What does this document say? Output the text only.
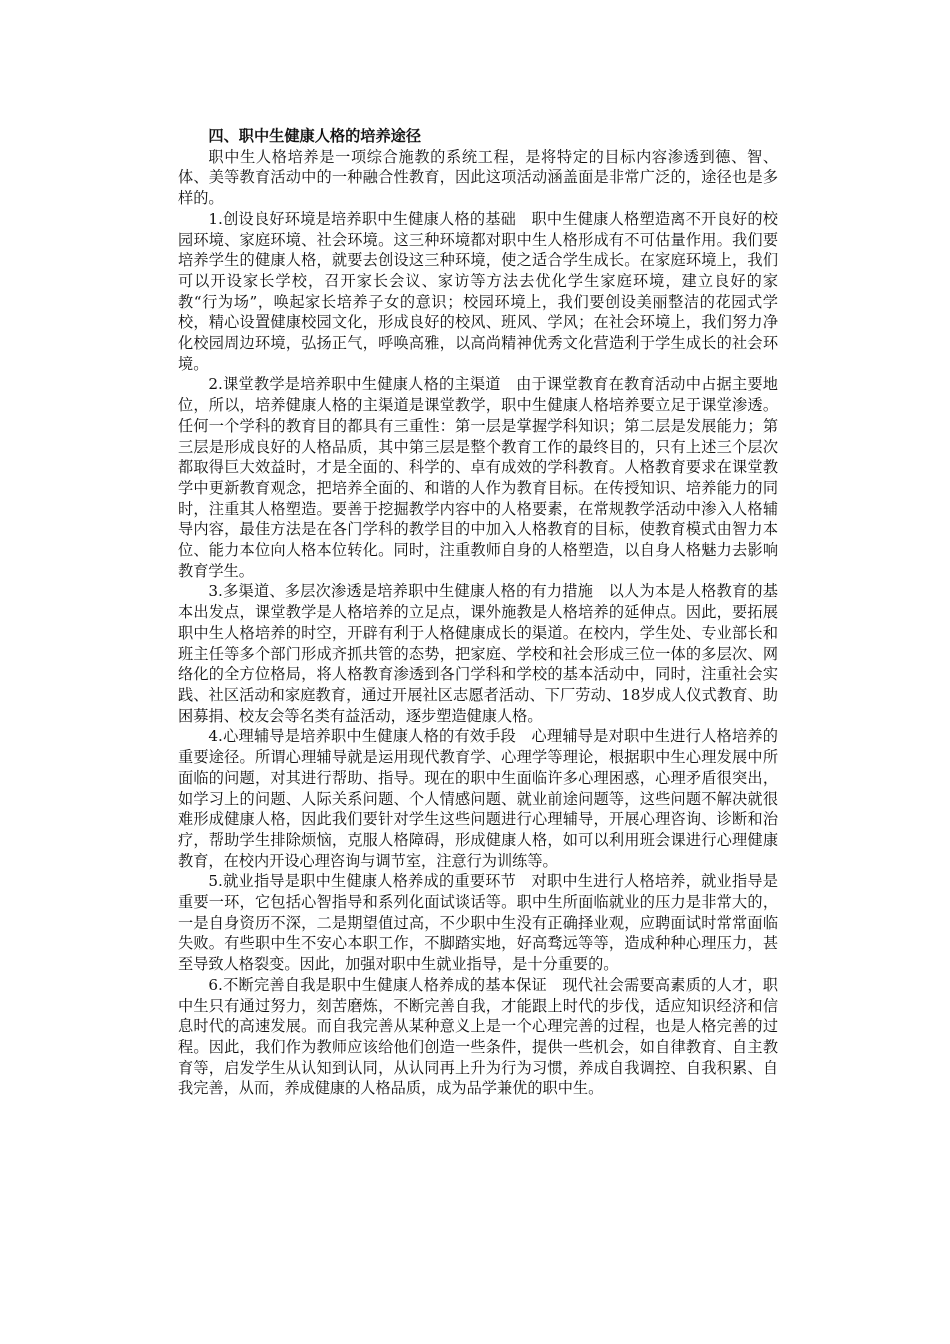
四、职中生健康人格的培养途径

职中生人格培养是一项综合施教的系统工程，是将特定的目标内容渗透到德、智、体、美等教育活动中的一种融合性教育，因此这项活动涵盖面是非常广泛的，途径也是多样的。

1.创设良好环境是培养职中生健康人格的基础　职中生健康人格塑造离不开良好的校园环境、家庭环境、社会环境。这三种环境都对职中生人格形成有不可估量作用。我们要培养学生的健康人格，就要去创设这三种环境，使之适合学生成长。在家庭环境上，我们可以开设家长学校，召开家长会议、家访等方法去优化学生家庭环境，建立良好的家教“行为场”，唤起家长培养子女的意识；校园环境上，我们要创设美丽整洁的花园式学校，精心设置健康校园文化，形成良好的校风、班风、学风；在社会环境上，我们努力净化校园周边环境，弘扬正气，呼唤高雅，以高尚精神优秀文化营造利于学生成长的社会环境。

2.课堂教学是培养职中生健康人格的主渠道　由于课堂教育在教育活动中占据主要地位，所以，培养健康人格的主渠道是课堂教学，职中生健康人格培养要立足于课堂渗透。任何一个学科的教育目的都具有三重性：第一层是掌握学科知识；第二层是发展能力；第三层是形成良好的人格品质，其中第三层是整个教育工作的最终目的，只有上述三个层次都取得巨大效益时，才是全面的、科学的、卓有成效的学科教育。人格教育要求在课堂教学中更新教育观念，把培养全面的、和谐的人作为教育目标。在传授知识、培养能力的同时，注重其人格塑造。要善于挖掘教学内容中的人格要素，在常规教学活动中渗入人格辅导内容，最佳方法是在各门学科的教学目的中加入人格教育的目标，使教育模式由智力本位、能力本位向人格本位转化。同时，注重教师自身的人格塑造，以自身人格魅力去影响教育学生。

3.多渠道、多层次渗透是培养职中生健康人格的有力措施　以人为本是人格教育的基本出发点，课堂教学是人格培养的立足点，课外施教是人格培养的延伸点。因此，要拓展职中生人格培养的时空，开辟有利于人格健康成长的渠道。在校内，学生处、专业部长和班主任等多个部门形成齐抓共管的态势，把家庭、学校和社会形成三位一体的多层次、网络化的全方位格局，将人格教育渗透到各门学科和学校的基本活动中，同时，注重社会实践、社区活动和家庭教育，通过开展社区志愿者活动、下厂劳动、18岁成人仪式教育、助困募捐、校友会等名类有益活动，逐步塑造健康人格。

4.心理辅导是培养职中生健康人格的有效手段　心理辅导是对职中生进行人格培养的重要途径。所谓心理辅导就是运用现代教育学、心理学等理论，根据职中生心理发展中所面临的问题，对其进行帮助、指导。现在的职中生面临许多心理困惑，心理矛盾很突出，如学习上的问题、人际关系问题、个人情感问题、就业前途问题等，这些问题不解决就很难形成健康人格，因此我们要针对学生这些问题进行心理辅导，开展心理咨询、诊断和治疗，帮助学生排除烦恼，克服人格障碍，形成健康人格，如可以利用班会课进行心理健康教育，在校内开设心理咨询与调节室，注意行为训练等。

5.就业指导是职中生健康人格养成的重要环节　对职中生进行人格培养，就业指导是重要一环，它包括心智指导和系列化面试谈话等。职中生所面临就业的压力是非常大的，一是自身资历不深，二是期望值过高，不少职中生没有正确择业观，应聘面试时常常面临失败。有些职中生不安心本职工作，不脚踏实地，好高骛远等等，造成种种心理压力，甚至导致人格裂变。因此，加强对职中生就业指导，是十分重要的。

6.不断完善自我是职中生健康人格养成的基本保证　现代社会需要高素质的人才，职中生只有通过努力，刻苦磨炼，不断完善自我，才能跟上时代的步伐，适应知识经济和信息时代的高速发展。而自我完善从某种意义上是一个心理完善的过程，也是人格完善的过程。因此，我们作为教师应该给他们创造一些条件，提供一些机会，如自律教育、自主教育等，启发学生从认知到认同，从认同再上升为行为习惯，养成自我调控、自我积累、自我完善，从而，养成健康的人格品质，成为品学兼优的职中生。
